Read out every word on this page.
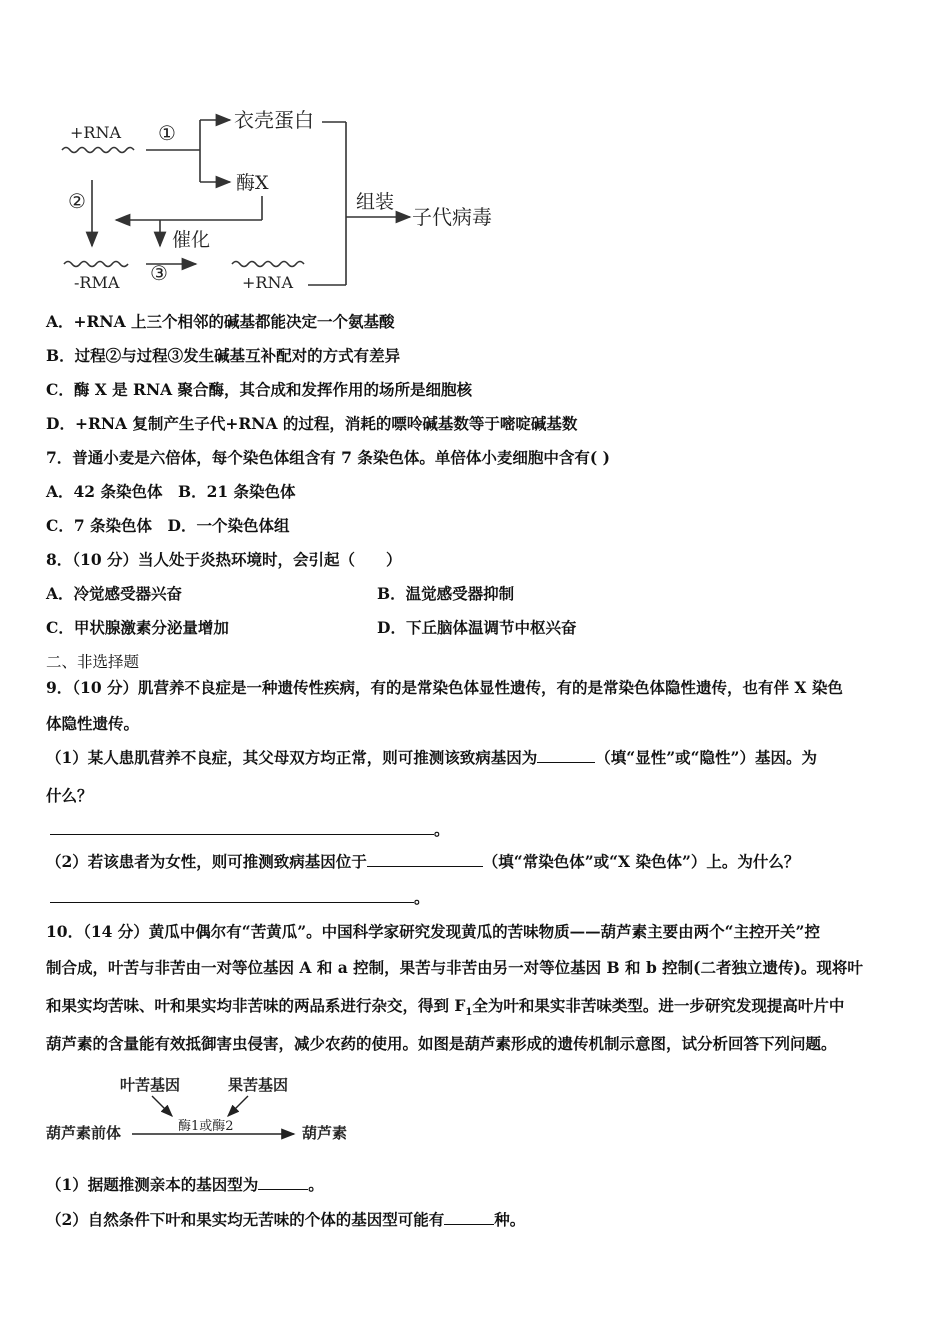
+RNA ①
衣壳蛋白
酶X
②
催化
-RMA ③	+RNA
组装
子代病毒
A．+RNA 上三个相邻的碱基都能决定一个氨基酸
B．过程②与过程③发生碱基互补配对的方式有差异
C．酶 X 是 RNA 聚合酶，其合成和发挥作用的场所是细胞核
D．+RNA 复制产生子代+RNA 的过程，消耗的嘌呤碱基数等于嘧啶碱基数
7．普通小麦是六倍体，每个染色体组含有 7 条染色体。单倍体小麦细胞中含有( )
A．42 条染色体　B．21 条染色体
C．7 条染色体　D．一个染色体组
8．（10 分）当人处于炎热环境时，会引起（　　）
A．冷觉感受器兴奋	B．温觉感受器抑制
C．甲状腺激素分泌量增加	D．下丘脑体温调节中枢兴奋
二、非选择题
9．（10 分）肌营养不良症是一种遗传性疾病，有的是常染色体显性遗传，有的是常染色体隐性遗传，也有伴 X 染色
体隐性遗传。
（1）某人患肌营养不良症，其父母双方均正常，则可推测该致病基因为	（填“显性”或“隐性”）基因。为
什么？
。
（2）若该患者为女性，则可推测致病基因位于	（填“常染色体”或“X 染色体”）上。为什么？
。
10．（14 分）黄瓜中偶尔有“苦黄瓜”。中国科学家研究发现黄瓜的苦味物质——葫芦素主要由两个“主控开关”控
制合成，叶苦与非苦由一对等位基因 A 和 a 控制，果苦与非苦由另一对等位基因 B 和 b 控制(二者独立遗传)。现将叶
和果实均苦味、叶和果实均非苦味的两品系进行杂交，得到 $F_1$全为叶和果实非苦味类型。进一步研究发现提高叶片中
葫芦素的含量能有效抵御害虫侵害，减少农药的使用。如图是葫芦素形成的遗传机制示意图，试分析回答下列问题。
叶苦基因	果苦基因
酶1或酶2
葫芦素前体	葫芦素
（1）据题推测亲本的基因型为	。
（2）自然条件下叶和果实均无苦味的个体的基因型可能有	种。
